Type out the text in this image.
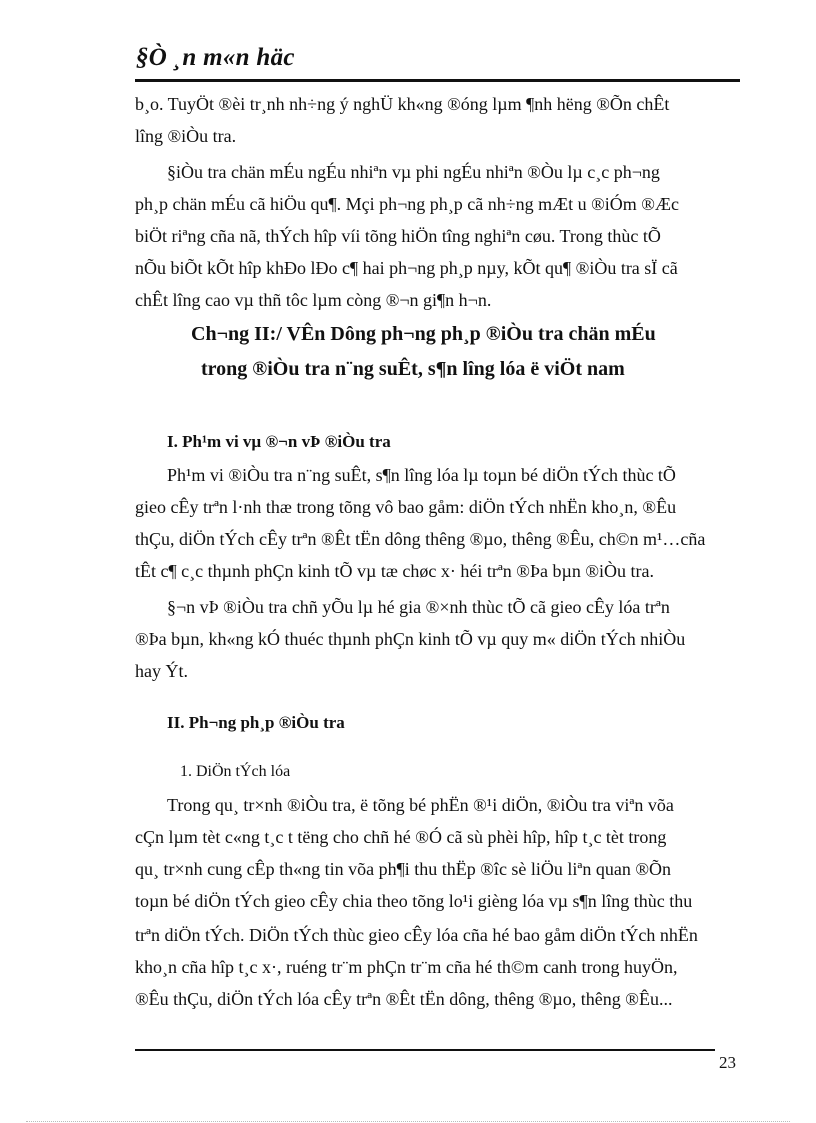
§Ò ¸n m«n häc
b¸o. TuyÖt ®èi tr¸nh nh÷ng ý nghÜ kh«ng ®óng lµm ¶nh hëng ®Õn chÊt
lîng ®iÒu tra.
§iÒu tra chän mÉu ngÉu nhiªn vµ phi ngÉu nhiªn ®Òu lµ c¸c ph¬ng
ph¸p chän mÉu cã hiÖu qu¶. Mçi ph¬ng ph¸p cã nh÷ng mÆt u ®iÓm ®Æc
biÖt riªng cña nã, thÝch hîp víi tõng hiÖn tîng nghiªn cøu. Trong thùc tÕ
nÕu biÕt kÕt hîp khÐo lÐo c¶ hai ph¬ng ph¸p nµy, kÕt qu¶ ®iÒu tra sÏ cã
chÊt lîng cao vµ thñ tôc lµm còng ®¬n gi¶n h¬n.
Ch¬ng II:/ VÊn Dông ph¬ng ph¸p ®iÒu tra chän mÉu
trong ®iÒu tra n¨ng suÊt, s¶n lîng lóa ë viÖt nam
I. Ph¹m vi vµ ®¬n vÞ ®iÒu tra
Ph¹m vi ®iÒu tra n¨ng suÊt, s¶n lîng lóa lµ toµn bé diÖn tÝch thùc tÕ
gieo cÊy trªn l·nh thæ trong tõng vô bao gåm: diÖn tÝch nhËn kho¸n, ®Êu
thÇu, diÖn tÝch cÊy trªn ®Êt tËn dông thêng ®µo, thêng ®Êu, ch©n m¹…cña
tÊt c¶ c¸c thµnh phÇn kinh tÕ vµ tæ chøc x· héi trªn ®Þa bµn ®iÒu tra.
§¬n vÞ ®iÒu tra chñ yÕu lµ hé gia ®×nh thùc tÕ cã gieo cÊy lóa trªn
®Þa bµn, kh«ng kÓ thuéc thµnh phÇn kinh tÕ vµ quy m« diÖn tÝch nhiÒu
hay Ýt.
II. Ph¬ng ph¸p ®iÒu tra
1. DiÖn tÝch lóa
Trong qu¸ tr×nh ®iÒu tra, ë tõng bé phËn ®¹i diÖn, ®iÒu tra viªn võa
cÇn lµm tèt c«ng t¸c t tëng cho chñ hé ®Ó cã sù phèi hîp, hîp t¸c tèt trong
qu¸ tr×nh cung cÊp th«ng tin võa ph¶i thu thËp ®îc sè liÖu liªn quan ®Õn
toµn bé diÖn tÝch gieo cÊy chia theo tõng lo¹i gièng lóa vµ s¶n lîng thùc thu
trªn diÖn tÝch. DiÖn tÝch thùc gieo cÊy lóa cña hé bao gåm diÖn tÝch nhËn
kho¸n cña hîp t¸c x·, ruéng tr¨m phÇn tr¨m cña hé th©m canh trong huyÖn,
®Êu thÇu, diÖn tÝch lóa cÊy trªn ®Êt tËn dông, thêng ®µo, thêng ®Êu...
23
